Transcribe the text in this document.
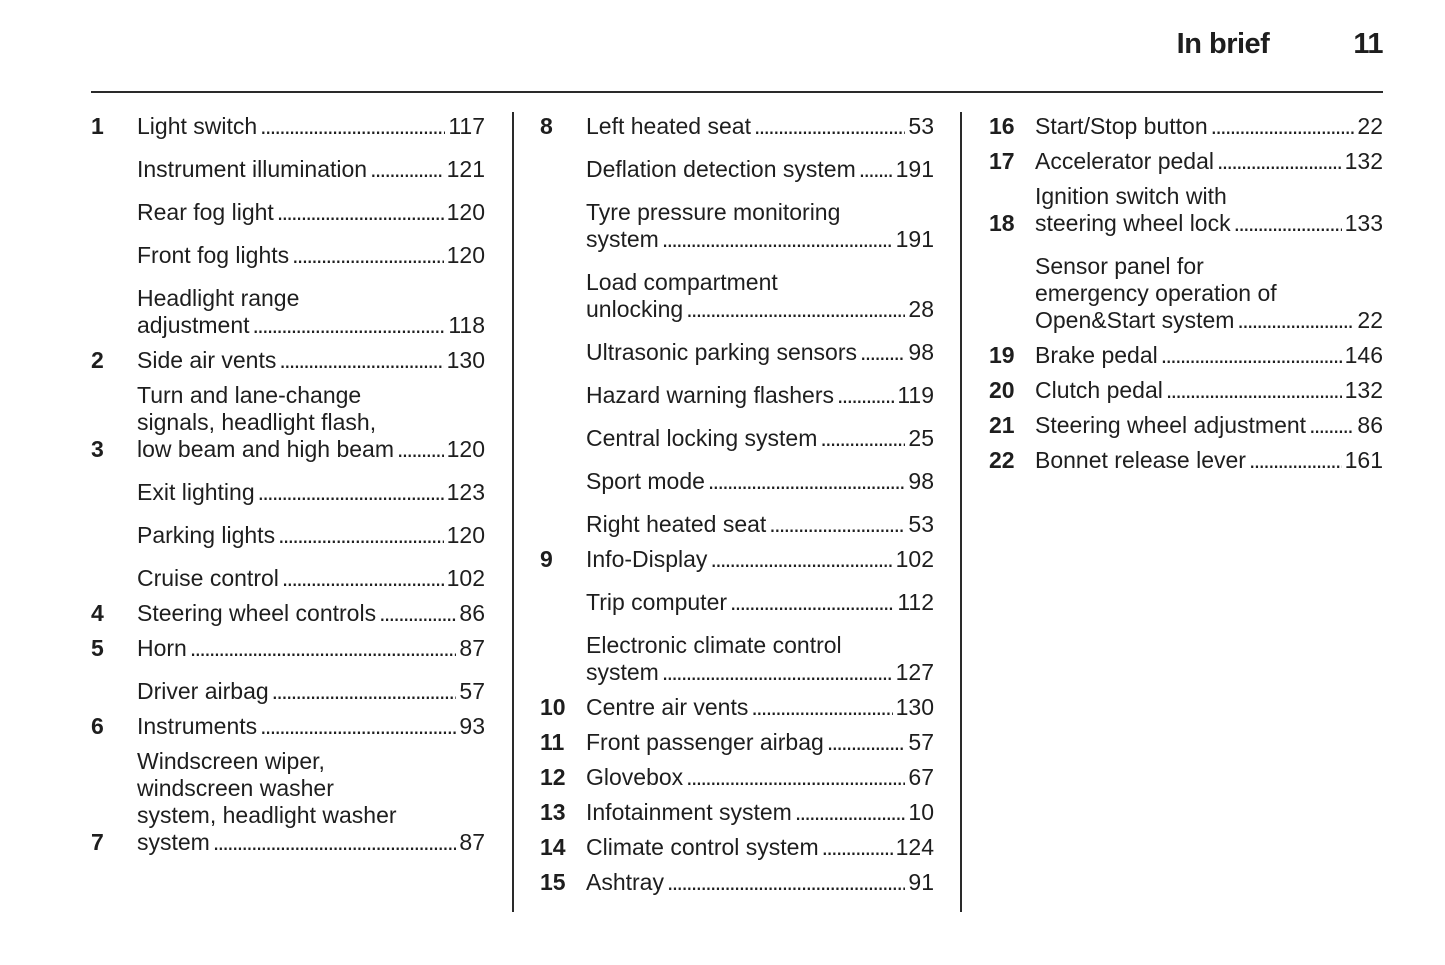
In brief	11
1	Light switch . . .	117
Instrument illumination . . .	121
Rear fog light . . .	120
Front fog lights . . .	120
Headlight range
adjustment . . .	118
2	Side air vents . . .	130
3
Turn and lane-change
signals, headlight flash,
low beam and high beam . . . 120
Exit lighting . . .	123
Parking lights . . .	120
Cruise control . . .	102
4	Steering wheel controls . . .	86
5	Horn . . .	87
Driver airbag . . .	57
6	Instruments . . .	93
7
Windscreen wiper,
windscreen washer
system, headlight washer
system . . .	87
8	Left heated seat . . .	53
Deflation detection system . . . 191
Tyre pressure monitoring
system . . .	191
Load compartment
unlocking . . .	28
Ultrasonic parking sensors . . . 98
Hazard warning flashers . . .	119
Central locking system . . .	25
Sport mode . . .	98
Right heated seat . . .	53
9	Info-Display . . .	102
Trip computer . . .	112
Electronic climate control
system . . .	127
10 Centre air vents . . .	130
11 Front passenger airbag . . .	57
12 Glovebox . . .	67
13 Infotainment system . . .	10
14 Climate control system . . .	124
15 Ashtray . . .	91
16 Start/Stop button . . .	22
17 Accelerator pedal . . .	132
18
Ignition switch with
steering wheel lock . . .	133
Sensor panel for
emergency operation of
Open&Start system . . .	22
19 Brake pedal . . .	146
20 Clutch pedal . . .	132
21 Steering wheel adjustment . . . 86
22 Bonnet release lever . . .	161
